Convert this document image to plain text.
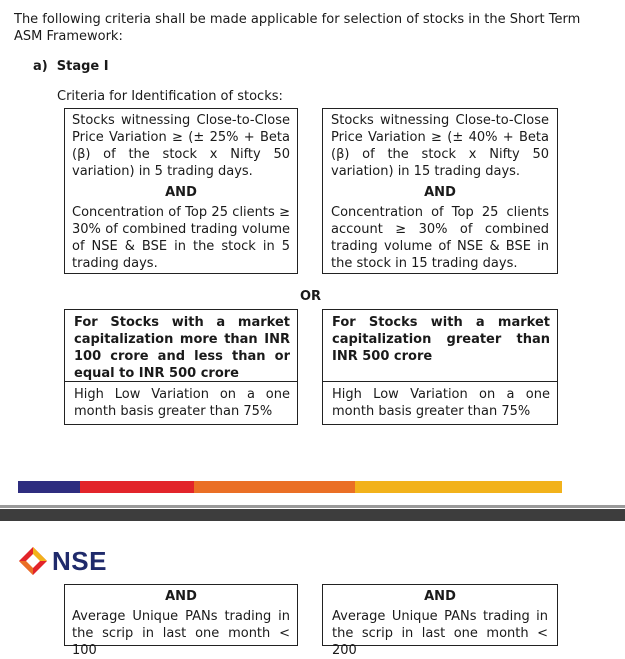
The following criteria shall be made applicable for selection of stocks in the Short Term ASM Framework:
a)  Stage I
Criteria for Identification of stocks:

Stocks witnessing Close-to-Close Price Variation ≥ (± 25% + Beta (β) of the stock x Nifty 50 variation) in 5 trading days.

AND

Concentration of Top 25 clients ≥ 30% of combined trading volume of NSE & BSE in the stock in 5 trading days.

Stocks witnessing Close-to-Close Price Variation ≥ (± 40% + Beta (β) of the stock x Nifty 50 variation) in 15 trading days.

AND

Concentration of Top 25 clients account ≥ 30% of combined trading volume of NSE & BSE in the stock in 15 trading days.

OR
For Stocks with a market capitalization more than INR 100 crore and less than or equal to INR 500 crore
High Low Variation on a one month basis greater than 75%
For Stocks with a market capitalization greater than INR 500 crore
High Low Variation on a one month basis greater than 75%
NSE

AND

Average Unique PANs trading in the scrip in last one month < 100

AND

Average Unique PANs trading in the scrip in last one month < 200
